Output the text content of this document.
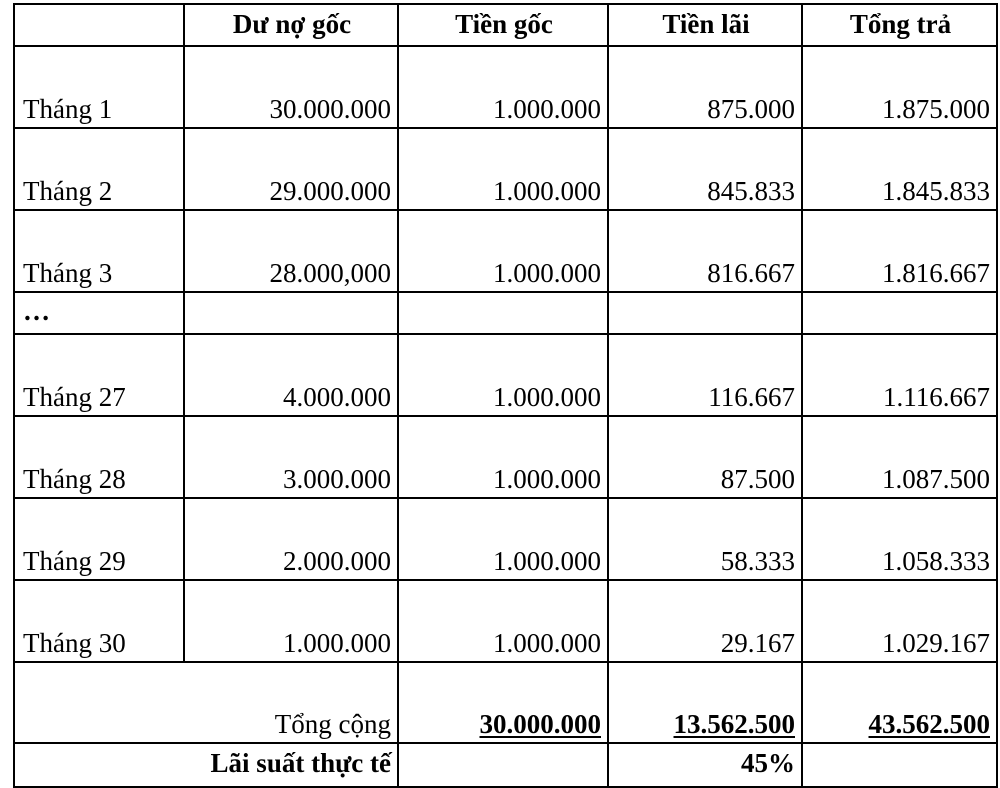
	Dư nợ gốc	Tiền gốc	Tiền lãi	Tổng trả
Tháng 1	30.000.000	1.000.000	875.000	1.875.000
Tháng 2	29.000.000	1.000.000	845.833	1.845.833
Tháng 3	28.000,000	1.000.000	816.667	1.816.667
…				
Tháng 27	4.000.000	1.000.000	116.667	1.116.667
Tháng 28	3.000.000	1.000.000	87.500	1.087.500
Tháng 29	2.000.000	1.000.000	58.333	1.058.333
Tháng 30	1.000.000	1.000.000	29.167	1.029.167
Tổng cộng		30.000.000	13.562.500	43.562.500
Lãi suất thực tế			45%	
